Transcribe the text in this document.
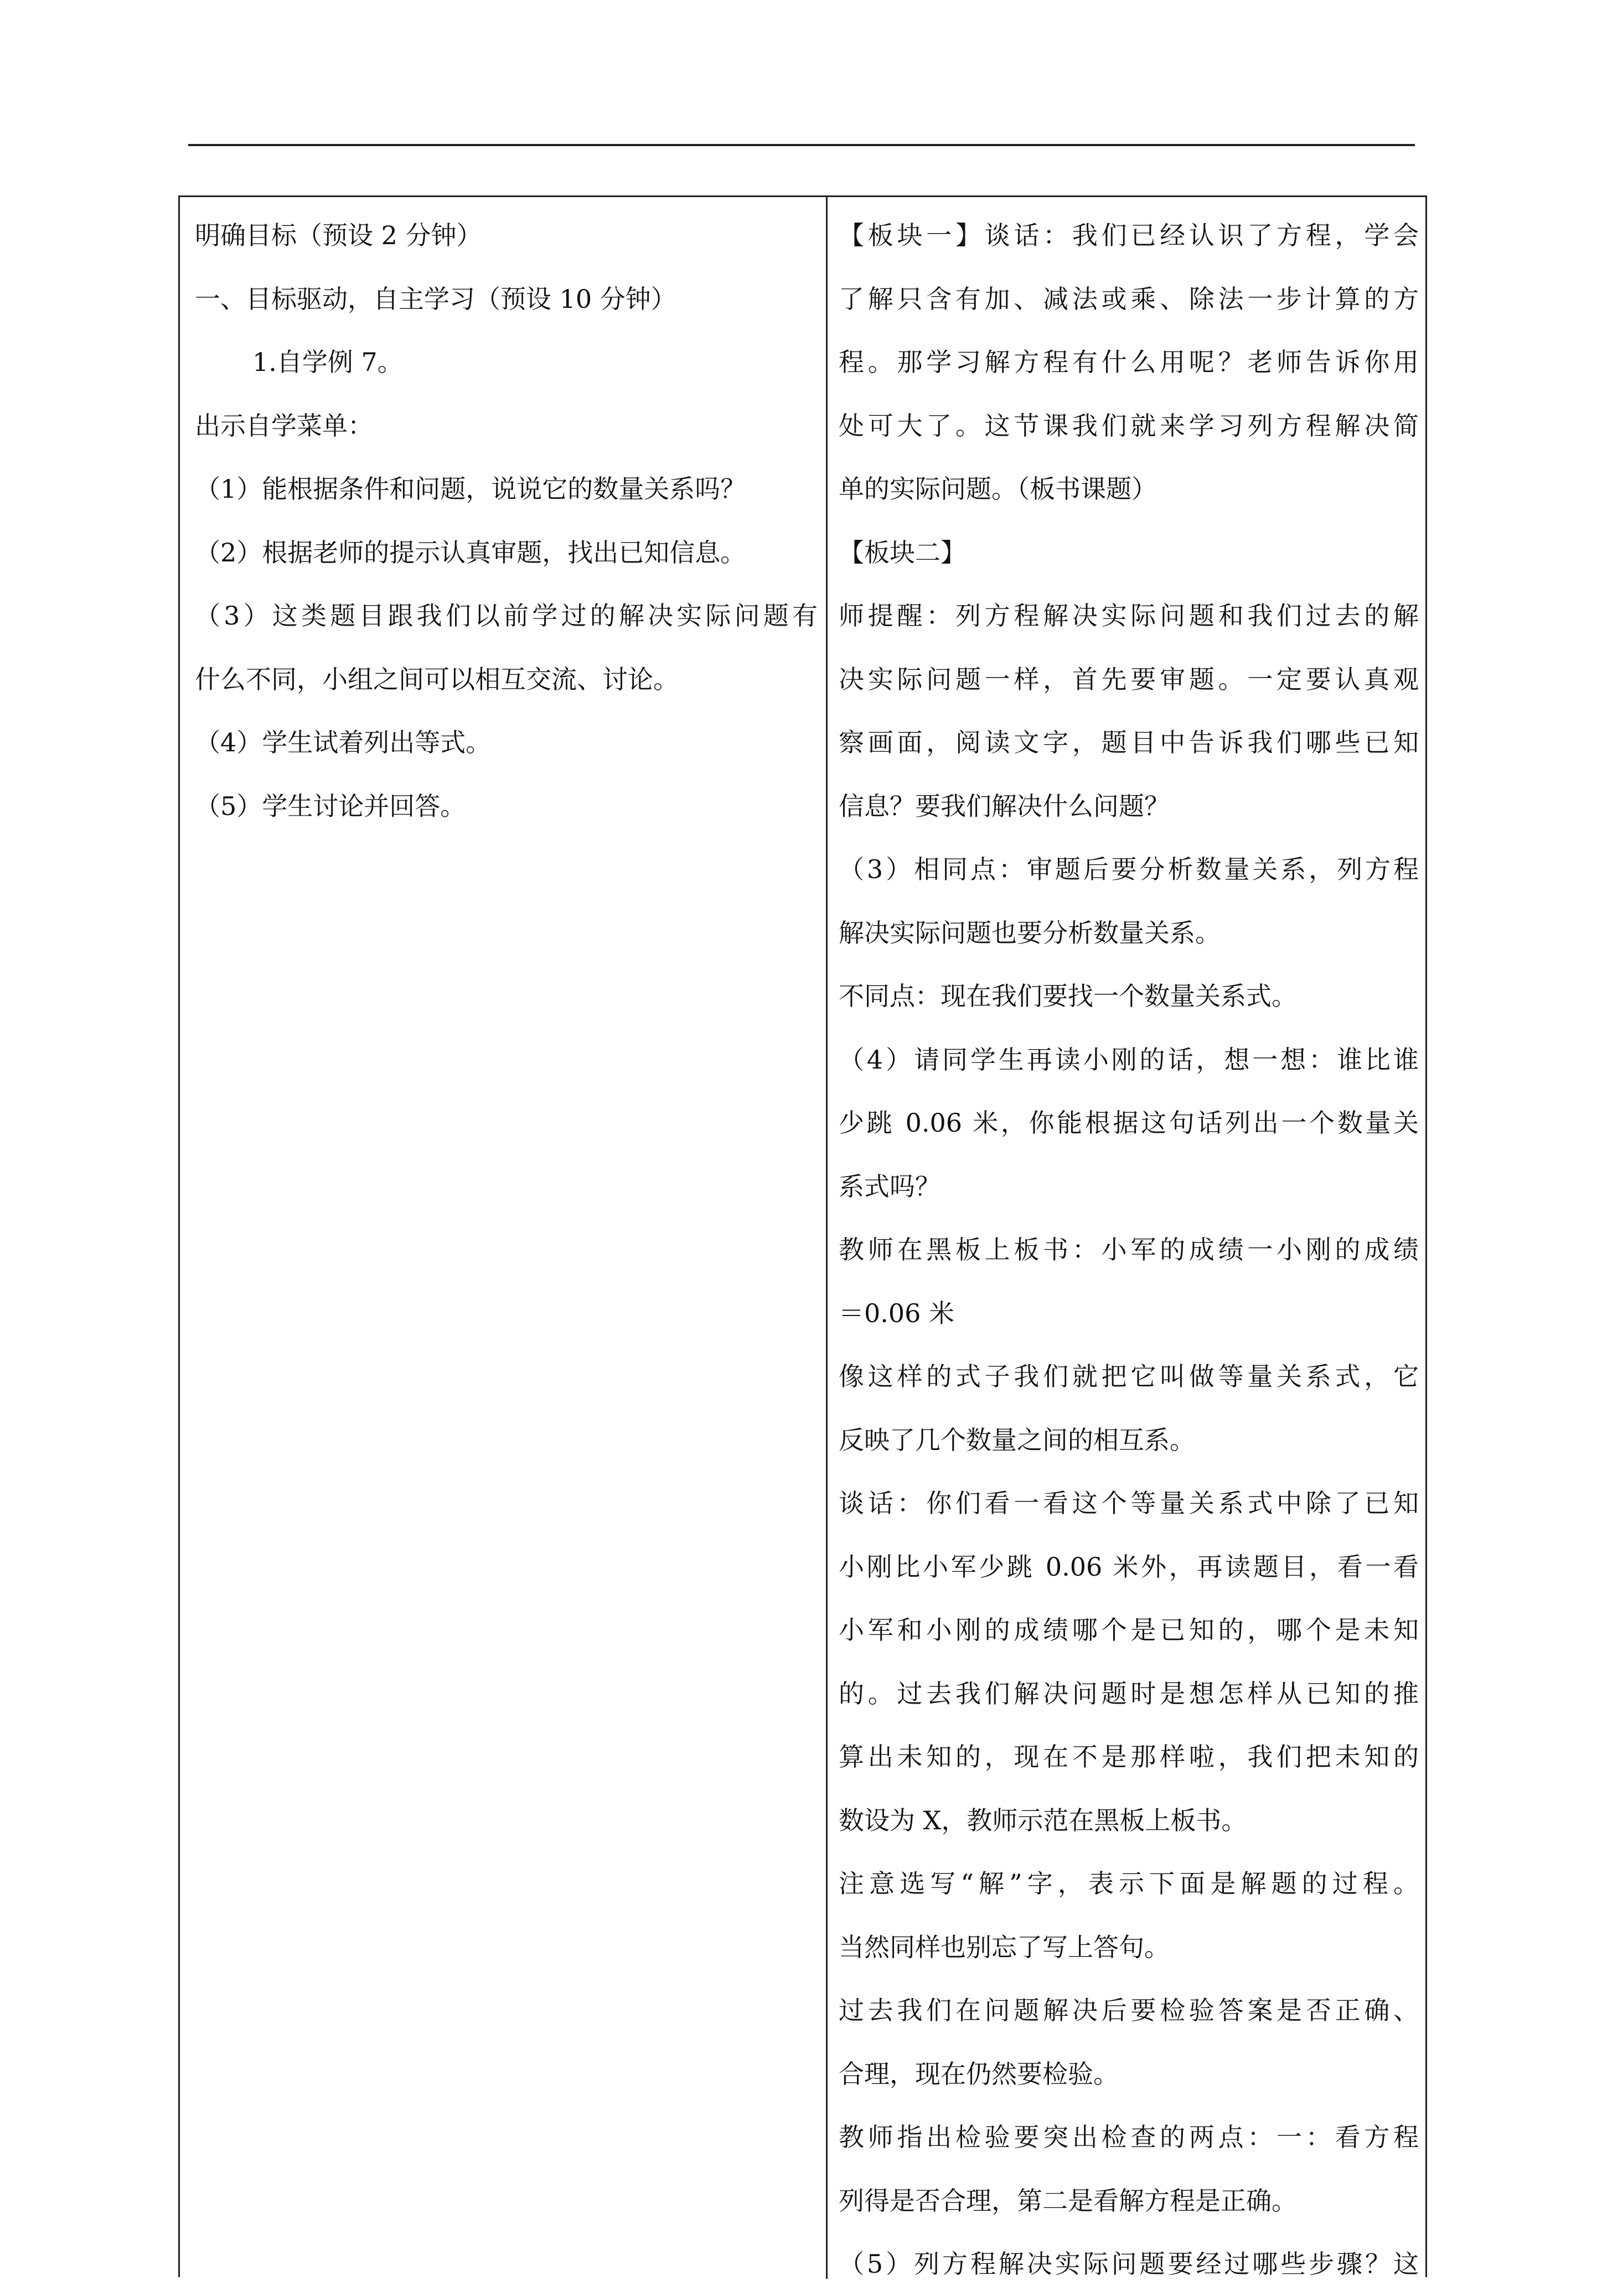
明确目标（预设 2 分钟）
一、目标驱动，自主学习（预设 10 分钟）
1.自学例 7。
出示自学菜单：
（1）能根据条件和问题，说说它的数量关系吗？
（2）根据老师的提示认真审题，找出已知信息。
（3）这类题目跟我们以前学过的解决实际问题有
什么不同，小组之间可以相互交流、讨论。
（4）学生试着列出等式。
（5）学生讨论并回答。
【板块一】谈话：我们已经认识了方程，学会
了解只含有加、减法或乘、除法一步计算的方
程。那学习解方程有什么用呢？老师告诉你用
处可大了。这节课我们就来学习列方程解决简
单的实际问题。（板书课题）
【板块二】
师提醒：列方程解决实际问题和我们过去的解
决实际问题一样，首先要审题。一定要认真观
察画面，阅读文字，题目中告诉我们哪些已知
信息？要我们解决什么问题？
（3）相同点：审题后要分析数量关系，列方程
解决实际问题也要分析数量关系。
不同点：现在我们要找一个数量关系式。
（4）请同学生再读小刚的话，想一想：谁比谁
少跳 0.06 米，你能根据这句话列出一个数量关
系式吗？
教师在黑板上板书：小军的成绩一小刚的成绩
＝0.06 米
像这样的式子我们就把它叫做等量关系式，它
反映了几个数量之间的相互系。
谈话：你们看一看这个等量关系式中除了已知
小刚比小军少跳 0.06 米外，再读题目，看一看
小军和小刚的成绩哪个是已知的，哪个是未知
的。过去我们解决问题时是想怎样从已知的推
算出未知的，现在不是那样啦，我们把未知的
数设为 X，教师示范在黑板上板书。
注意选写“解”字，表示下面是解题的过程。
当然同样也别忘了写上答句。
过去我们在问题解决后要检验答案是否正确、
合理，现在仍然要检验。
教师指出检验要突出检查的两点：一：看方程
列得是否合理，第二是看解方程是正确。
（5）列方程解决实际问题要经过哪些步骤？这
